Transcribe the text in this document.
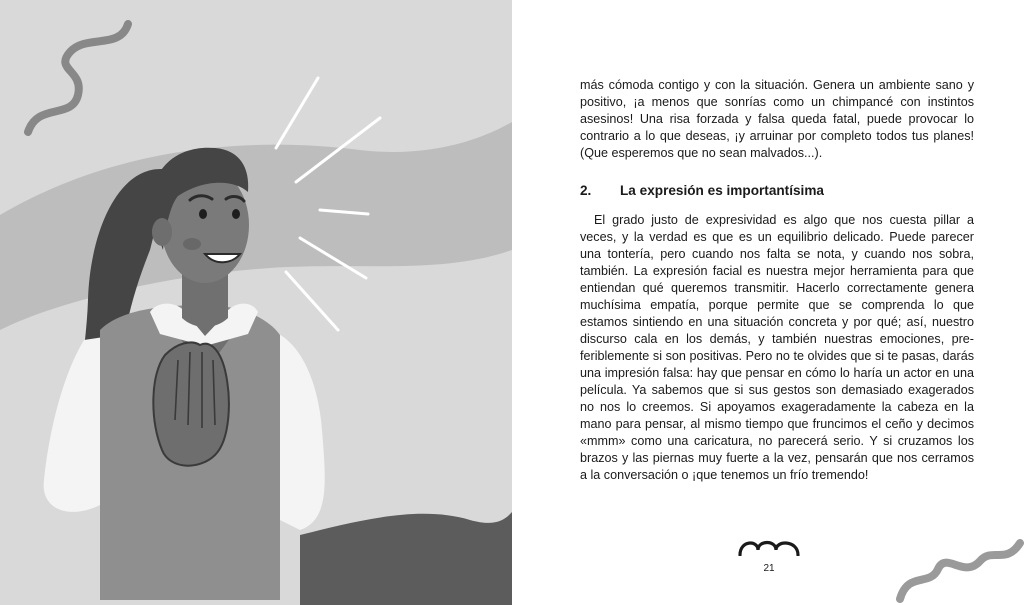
más cómoda contigo y con la situación. Genera un ambiente sano y positivo, ¡a menos que sonrías como un chimpancé con instintos asesinos! Una risa forzada y falsa queda fatal, puede provocar lo contrario a lo que deseas, ¡y arruinar por completo todos tus planes! (Que esperemos que no sean malvados...).

2.	La expresión es importantísima

El grado justo de expresividad es algo que nos cuesta pillar a veces, y la verdad es que es un equilibrio delicado. Puede parecer una tontería, pero cuando nos falta se nota, y cuando nos sobra, también. La expresión facial es nuestra mejor herramienta para que entiendan qué queremos transmitir. Hacerlo correctamente genera muchísima empatía, porque permite que se comprenda lo que estamos sintiendo en una situación concreta y por qué; así, nuestro discurso cala en los demás, y también nuestras emociones, preferiblemente si son positivas. Pero no te olvides que si te pasas, darás una impresión falsa: hay que pensar en cómo lo haría un actor en una película. Ya sabemos que si sus gestos son demasiado exagerados no nos lo creemos. Si apoyamos exageradamente la cabeza en la mano para pensar, al mismo tiempo que fruncimos el ceño y decimos «mmm» como una caricatura, no parecerá serio. Y si cruzamos los brazos y las piernas muy fuerte a la vez, pensarán que nos cerramos a la conversación o ¡que tenemos un frío tremendo!

21
